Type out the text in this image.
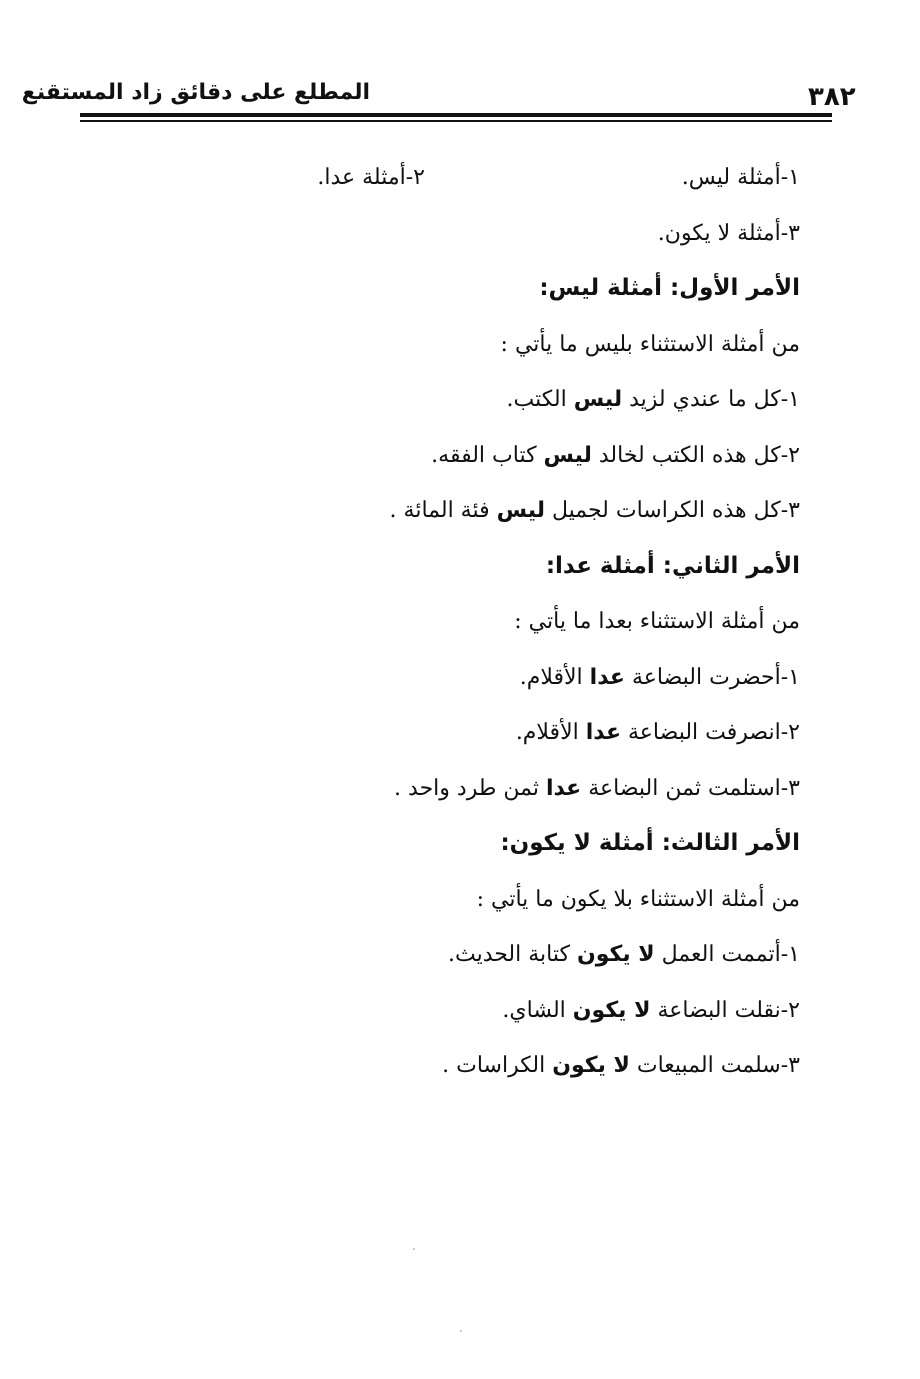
٣٨٢
المطلع على دقائق زاد المستقنع
١-أمثلة ليس.
٢-أمثلة عدا.
٣-أمثلة لا يكون.
الأمر الأول: أمثلة ليس:
من أمثلة الاستثناء بليس ما يأتي :
١-كل ما عندي لزيد ليس الكتب.
٢-كل هذه الكتب لخالد ليس كتاب الفقه.
٣-كل هذه الكراسات لجميل ليس فئة المائة .
الأمر الثاني: أمثلة عدا:
من أمثلة الاستثناء بعدا ما يأتي :
١-أحضرت البضاعة عدا الأقلام.
٢-انصرفت البضاعة عدا الأقلام.
٣-استلمت ثمن البضاعة عدا ثمن طرد واحد .
الأمر الثالث: أمثلة لا يكون:
من أمثلة الاستثناء بلا يكون ما يأتي :
١-أتممت العمل لا يكون كتابة الحديث.
٢-نقلت البضاعة لا يكون الشاي.
٣-سلمت المبيعات لا يكون الكراسات .
